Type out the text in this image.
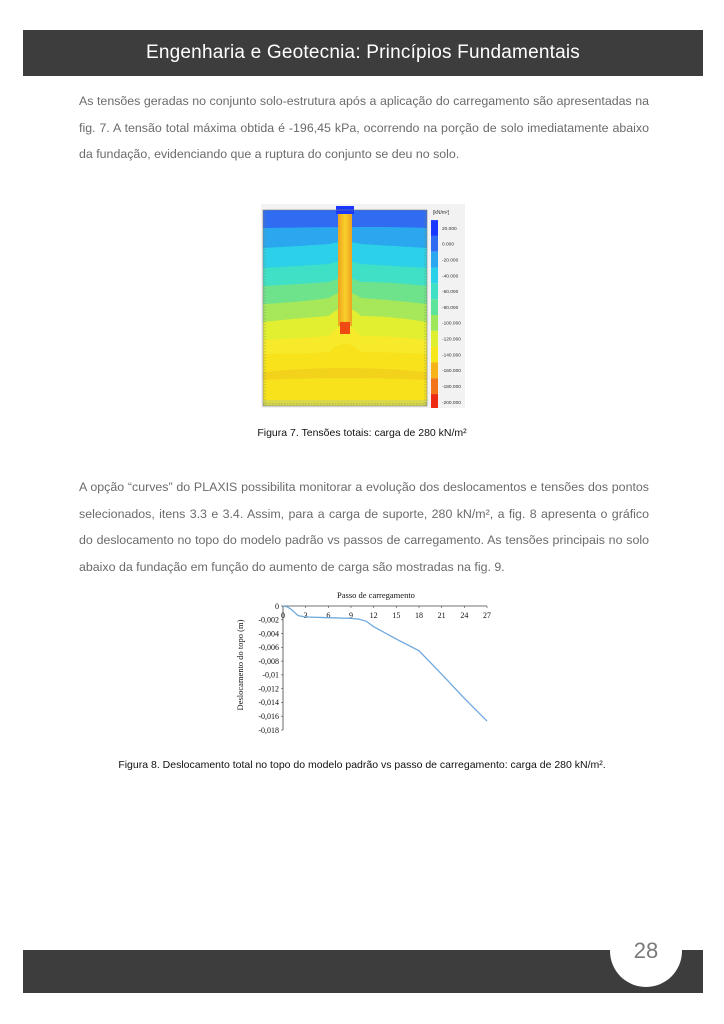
Engenharia e Geotecnia: Princípios Fundamentais

As tensões geradas no conjunto solo-estrutura após a aplicação do carregamento são apresentadas na fig. 7. A tensão total máxima obtida é -196,45 kPa, ocorrendo na porção de solo imediatamente abaixo da fundação, evidenciando que a ruptura do conjunto se deu no solo.

[kN/m²]
20.000
0.000
-20.000
-40.000
-60.000
-80.000
-100.000
-120.000
-140.000
-160.000
-180.000
-200.000
Figura 7. Tensões totais: carga de 280 kN/m²

A opção “curves” do PLAXIS possibilita monitorar a evolução dos deslocamentos e tensões dos pontos selecionados, itens 3.3 e 3.4. Assim, para a carga de suporte, 280 kN/m², a fig. 8 apresenta o gráfico do deslocamento no topo do modelo padrão vs passos de carregamento. As tensões principais no solo abaixo da fundação em função do aumento de carga são mostradas na fig. 9.

Passo de carregamento
Deslocamento do topo (m)
0
-0,002
-0,004
-0,006
-0,008
-0,01
-0,012
-0,014
-0,016
-0,018
0 3 6 9 12 15 18 21 24 27
Figura 8. Deslocamento total no topo do modelo padrão vs passo de carregamento: carga de 280 kN/m².
28
